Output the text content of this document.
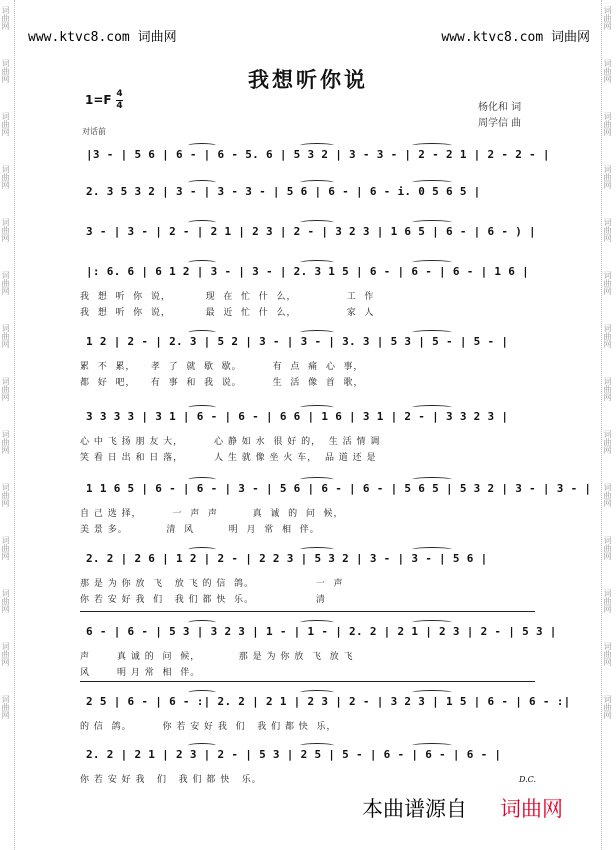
词曲网
词曲网
词曲网
词曲网
词曲网
词曲网
词曲网
词曲网
词曲网
词曲网
词曲网
词曲网
词曲网
词曲网
词曲网
词曲网
词曲网
词曲网
词曲网
词曲网
词曲网
词曲网
词曲网
词曲网
词曲网
词曲网
词曲网
词曲网
www.ktvc8.com 词曲网	www.ktvc8.com 词曲网
我想听你说
1=F 4
4	杨化和 词
周学信 曲
对话前
|3 - | 5 6 | 6 - | 6 - 5. 6 | 5 3 2 | 3 - 3 - | 2 - 2 1 | 2 - 2 - |
2. 3 5 3 2 | 3 - | 3 - 3 - | 5 6 | 6 - | 6 - i. 0 5 6 5 |
3 - | 3 - | 2 - | 2 1 | 2 3 | 2 - | 3 2 3 | 1 6 5 | 6 - | 6 - ) |
|: 6. 6 | 6 1 2 | 3 - | 3 - | 2. 3 1 5 | 6 - | 6 - | 6 - | 1 6 |
我  想  听  你  说，         现  在  忙  什  么，             工  作
我  想  听  你  说，         最  近  忙  什  么，             家  人
1 2 | 2 - | 2. 3 | 5 2 | 3 - | 3 - | 3. 3 | 5 3 | 5 - | 5 - |
累  不  累，    孝  了  就  歇  歇。        有  点  痛  心  事，
都  好  吧，    有  事  和  我  说。        生  活  像  首  歌，
3 3 3 3 | 3 1 | 6 - | 6 - | 6 6 | 1 6 | 3 1 | 2 - | 3 3 2 3 |
心 中 飞 扬 朋 友 大，        心 静 如 水  很 好 的，  生 活 情 调
笑 看 日 出 和 日 落，        人 生 就 像 坐 火 车，  品 道 还 是
1 1 6 5 | 6 - | 6 - | 3 - | 5 6 | 6 - | 6 - | 5 6 5 | 5 3 2 | 3 - | 3 - |
自 己 选 择，        一  声  声         真  诚  的  问  候，
美 景 多。          清  风         明  月  常  相  伴。
2. 2 | 2 6 | 1 2 | 2 - | 2 2 3 | 5 3 2 | 3 - | 3 - | 5 6 |
那 是 为 你 放  飞   放 飞 的 信  鸽。                一  声
你 若 安 好 我  们   我 们 都 快  乐。                清
6 - | 6 - | 5 3 | 3 2 3 | 1 - | 1 - | 2. 2 | 2 1 | 2 3 | 2 - | 5 3 |
声       真 诚 的  问  候，          那 是 为 你 放  飞  放 飞
风       明 月 常  相  伴。
2 5 | 6 - | 6 - :| 2. 2 | 2 1 | 2 3 | 2 - | 3 2 3 | 1 5 | 6 - | 6 - :|
的 信  鸽。        你 若 安 好 我  们   我 们 都 快  乐，
2. 2 | 2 1 | 2 3 | 2 - | 5 3 | 2 5 | 5 - | 6 - | 6 - | 6 - |
你 若 安 好 我   们   我 们 都 快   乐。	D.C.
本曲谱源自 词曲网
